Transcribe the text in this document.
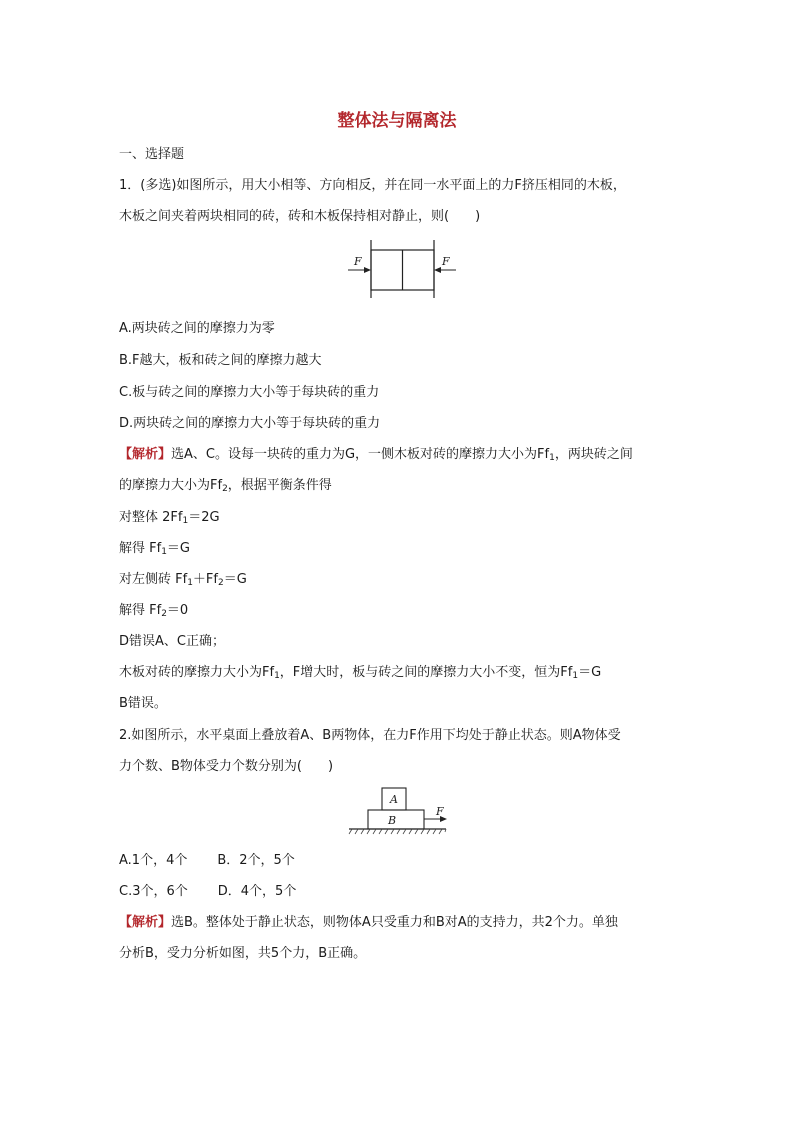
整体法与隔离法
一、选择题
1．(多选)如图所示，用大小相等、方向相反，并在同一水平面上的力F挤压相同的木板，
木板之间夹着两块相同的砖，砖和木板保持相对静止，则(　　)
F	F
A.两块砖之间的摩擦力为零
B.F越大，板和砖之间的摩擦力越大
C.板与砖之间的摩擦力大小等于每块砖的重力
D.两块砖之间的摩擦力大小等于每块砖的重力
【解析】选A、C。设每一块砖的重力为G，一侧木板对砖的摩擦力大小为$Ff_1$，两块砖之间
的摩擦力大小为$Ff_2$，根据平衡条件得
对整体 $2Ff_1=2G$
解得 $Ff_1=G$
对左侧砖 $Ff_1+Ff_2=G$
解得 $Ff_2=0$
D错误A、C正确；
木板对砖的摩擦力大小为$Ff_1$，F增大时，板与砖之间的摩擦力大小不变，恒为$Ff_1=G$
B错误。
2.如图所示，水平桌面上叠放着A、B两物体，在力F作用下均处于静止状态。则A物体受
力个数、B物体受力个数分别为(　　)
A
B
F
A.1个，4个 B．2个，5个
C.3个，6个 D．4个，5个
【解析】选B。整体处于静止状态，则物体A只受重力和B对A的支持力，共2个力。单独
分析B，受力分析如图，共5个力，B正确。
